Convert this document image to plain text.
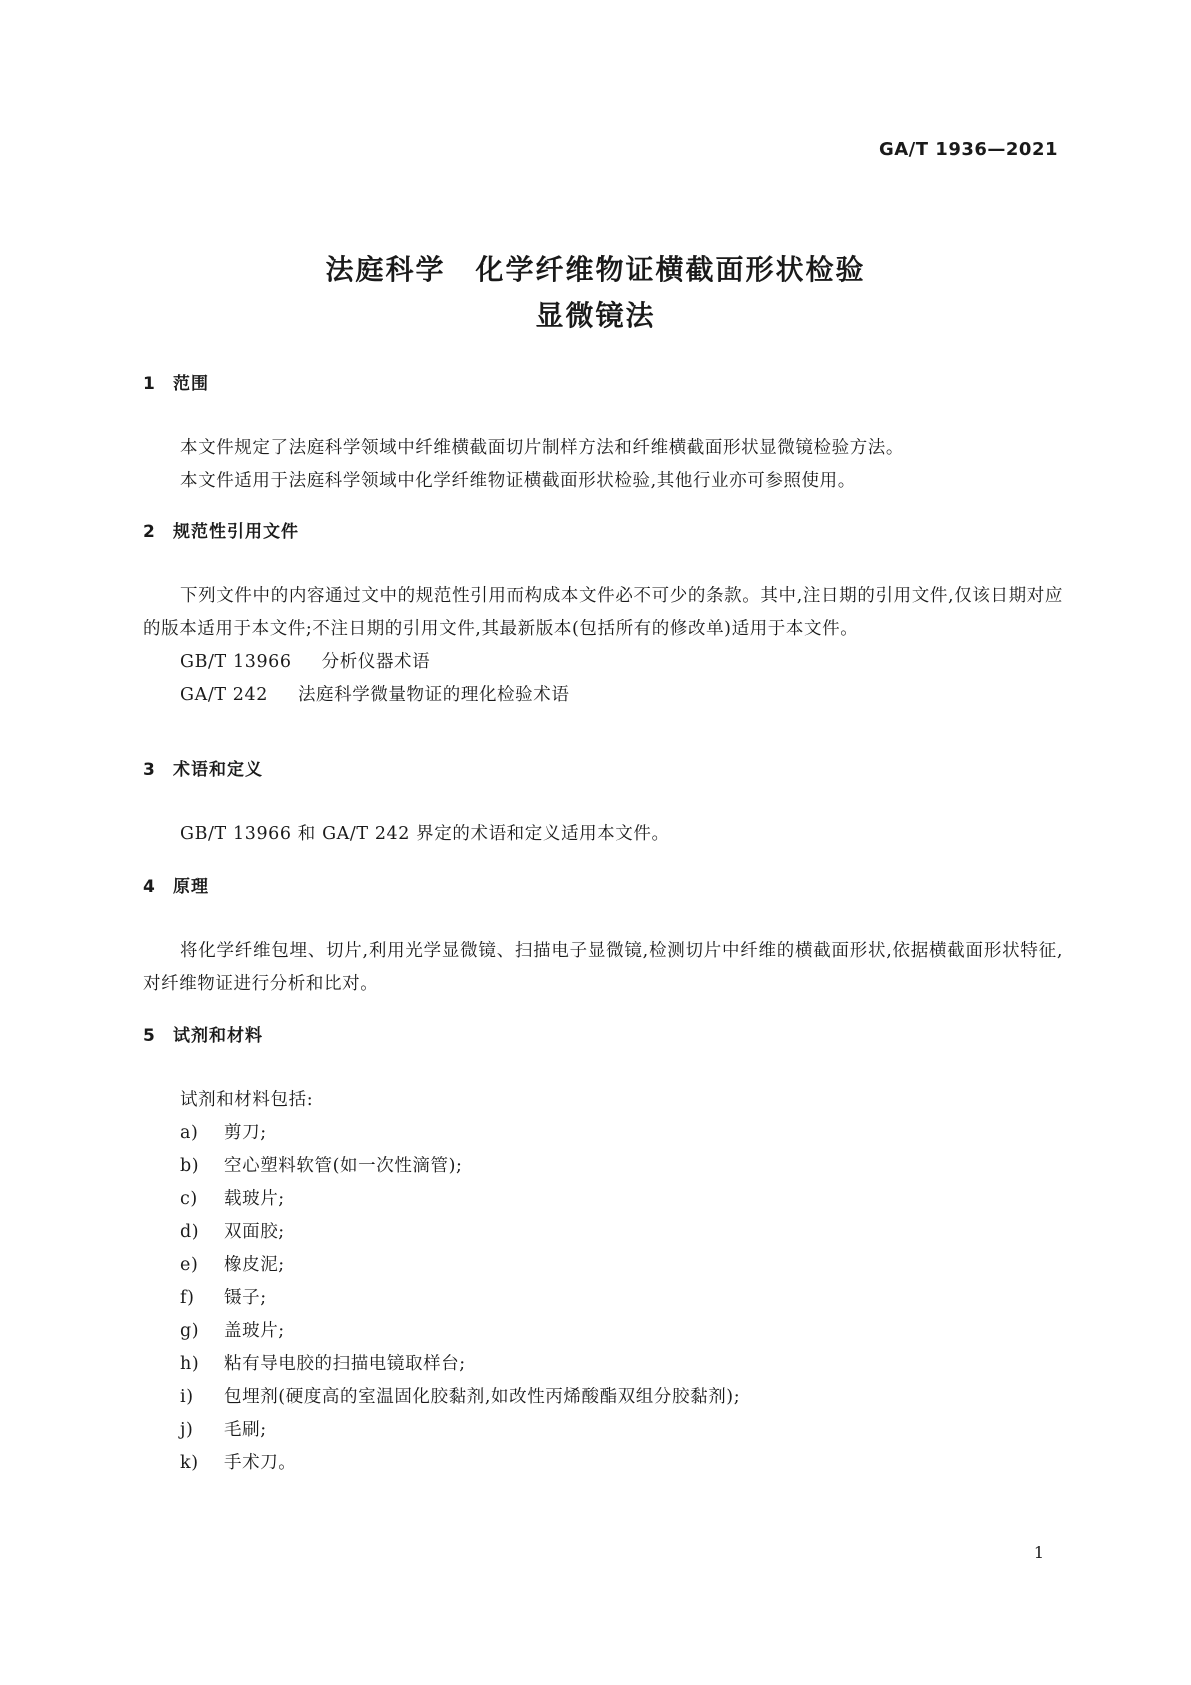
GA/T 1936—2021
法庭科学　化学纤维物证横截面形状检验
显微镜法
1 范围

本文件规定了法庭科学领域中纤维横截面切片制样方法和纤维横截面形状显微镜检验方法。

本文件适用于法庭科学领域中化学纤维物证横截面形状检验,其他行业亦可参照使用。

2 规范性引用文件

下列文件中的内容通过文中的规范性引用而构成本文件必不可少的条款。其中,注日期的引用文件,仅该日期对应的版本适用于本文件;不注日期的引用文件,其最新版本(包括所有的修改单)适用于本文件。

GB/T 13966 分析仪器术语
GA/T 242 法庭科学微量物证的理化检验术语
3 术语和定义

GB/T 13966 和 GA/T 242 界定的术语和定义适用本文件。

4 原理

将化学纤维包埋、切片,利用光学显微镜、扫描电子显微镜,检测切片中纤维的横截面形状,依据横截面形状特征,对纤维物证进行分析和比对。

5 试剂和材料

试剂和材料包括:

a) 剪刀;
b) 空心塑料软管(如一次性滴管);
c) 载玻片;
d) 双面胶;
e) 橡皮泥;
f) 镊子;
g) 盖玻片;
h) 粘有导电胶的扫描电镜取样台;
i) 包埋剂(硬度高的室温固化胶黏剂,如改性丙烯酸酯双组分胶黏剂);
j) 毛刷;
k) 手术刀。
1
